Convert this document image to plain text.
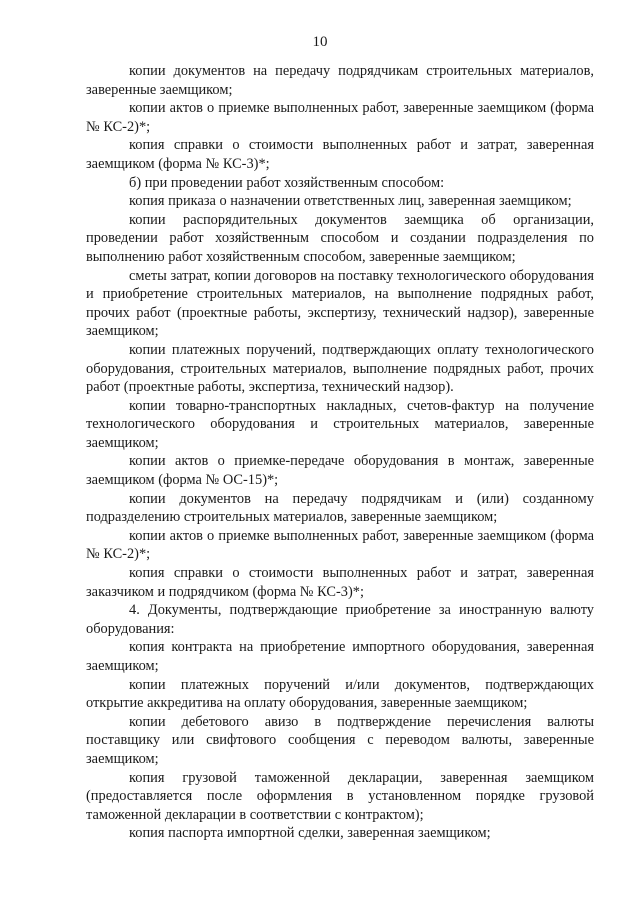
10

копии документов на передачу подрядчикам строительных материалов, заверенные заемщиком;

копии актов о приемке выполненных работ, заверенные заемщиком (форма № КС-2)*;

копия справки о стоимости выполненных работ и затрат, заверенная заемщиком (форма № КС-3)*;

б) при проведении работ хозяйственным способом:

копия приказа о назначении ответственных лиц, заверенная заемщиком;

копии распорядительных документов заемщика об организации, проведении работ хозяйственным способом и создании подразделения по выполнению работ хозяйственным способом, заверенные заемщиком;

сметы затрат, копии договоров на поставку технологического оборудования и приобретение строительных материалов, на выполнение подрядных работ, прочих работ (проектные работы, экспертизу, технический надзор), заверенные заемщиком;

копии платежных поручений, подтверждающих оплату технологического оборудования, строительных материалов, выполнение подрядных работ, прочих работ (проектные работы, экспертиза, технический надзор).

копии товарно-транспортных накладных, счетов-фактур на получение технологического оборудования и строительных материалов, заверенные заемщиком;

копии актов о приемке-передаче оборудования в монтаж, заверенные заемщиком (форма № ОС-15)*;

копии документов на передачу подрядчикам и (или) созданному подразделению строительных материалов, заверенные заемщиком;

копии актов о приемке выполненных работ, заверенные заемщиком (форма № КС-2)*;

копия справки о стоимости выполненных работ и затрат, заверенная заказчиком и подрядчиком (форма № КС-3)*;

4. Документы, подтверждающие приобретение за иностранную валюту оборудования:

копия контракта на приобретение импортного оборудования, заверенная заемщиком;

копии платежных поручений и/или документов, подтверждающих открытие аккредитива на оплату оборудования, заверенные заемщиком;

копии дебетового авизо в подтверждение перечисления валюты поставщику или свифтового сообщения с переводом валюты, заверенные заемщиком;

копия грузовой таможенной декларации, заверенная заемщиком (предоставляется после оформления в установленном порядке грузовой таможенной декларации в соответствии с контрактом);

копия паспорта импортной сделки, заверенная заемщиком;
